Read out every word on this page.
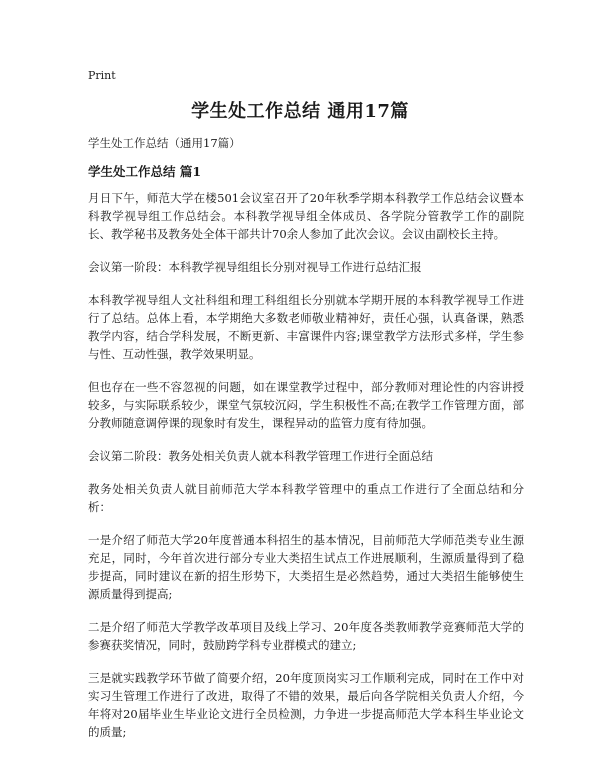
Print
学生处工作总结 通用17篇

学生处工作总结（通用17篇）

学生处工作总结 篇1

月日下午，师范大学在楼501会议室召开了20年秋季学期本科教学工作总结会议暨本科教学视导组工作总结会。本科教学视导组全体成员、各学院分管教学工作的副院长、教学秘书及教务处全体干部共计70余人参加了此次会议。会议由副校长主持。

会议第一阶段：本科教学视导组组长分别对视导工作进行总结汇报

本科教学视导组人文社科组和理工科组组长分别就本学期开展的本科教学视导工作进行了总结。总体上看，本学期绝大多数老师敬业精神好，责任心强，认真备课，熟悉教学内容，结合学科发展，不断更新、丰富课件内容;课堂教学方法形式多样，学生参与性、互动性强，教学效果明显。

但也存在一些不容忽视的问题，如在课堂教学过程中，部分教师对理论性的内容讲授较多，与实际联系较少，课堂气氛较沉闷，学生积极性不高;在教学工作管理方面，部分教师随意调停课的现象时有发生，课程异动的监管力度有待加强。

会议第二阶段：教务处相关负责人就本科教学管理工作进行全面总结

教务处相关负责人就目前师范大学本科教学管理中的重点工作进行了全面总结和分析：

一是介绍了师范大学20年度普通本科招生的基本情况，目前师范大学师范类专业生源充足，同时，今年首次进行部分专业大类招生试点工作进展顺利，生源质量得到了稳步提高，同时建议在新的招生形势下，大类招生是必然趋势，通过大类招生能够使生源质量得到提高;

二是介绍了师范大学教学改革项目及线上学习、20年度各类教师教学竞赛师范大学的参赛获奖情况，同时，鼓励跨学科专业群模式的建立;

三是就实践教学环节做了简要介绍，20年度顶岗实习工作顺利完成，同时在工作中对实习生管理工作进行了改进，取得了不错的效果，最后向各学院相关负责人介绍，今年将对20届毕业生毕业论文进行全员检测，力争进一步提高师范大学本科生毕业论文的质量;
